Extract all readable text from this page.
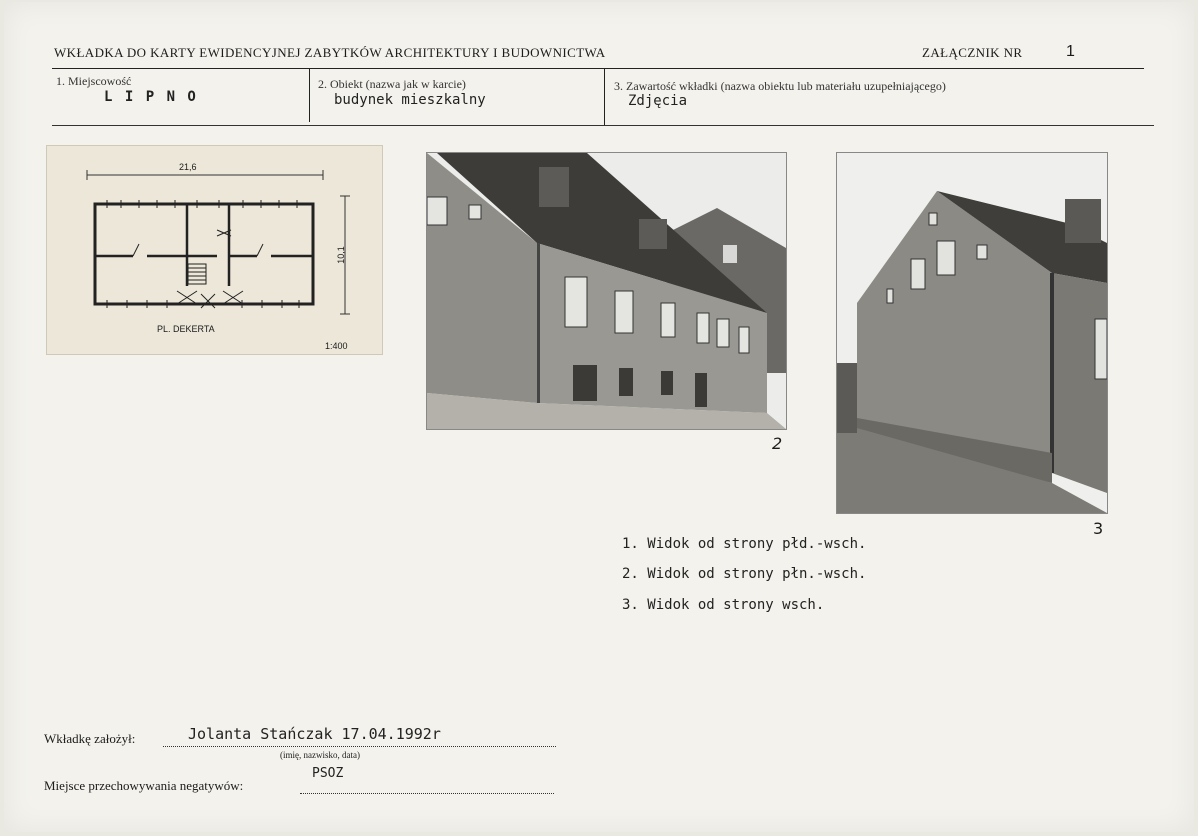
WKŁADKA DO KARTY EWIDENCYJNEJ ZABYTKÓW ARCHITEKTURY I BUDOWNICTWA	ZAŁĄCZNIK NR	1
1. Miejscowość
L I P N O
2. Obiekt (nazwa jak w karcie)
budynek mieszkalny
3. Zawartość wkładki (nazwa obiektu lub materiału uzupełniającego)
Zdjęcia
21,6
10,1
PL. DEKERTA
1:400
2
3
1. Widok od strony płd.-wsch.
2. Widok od strony płn.-wsch.
3. Widok od strony wsch.
Wkładkę założył:	Jolanta Stańczak 17.04.1992r
(imię, nazwisko, data)
Miejsce przechowywania negatywów:
PSOZ
